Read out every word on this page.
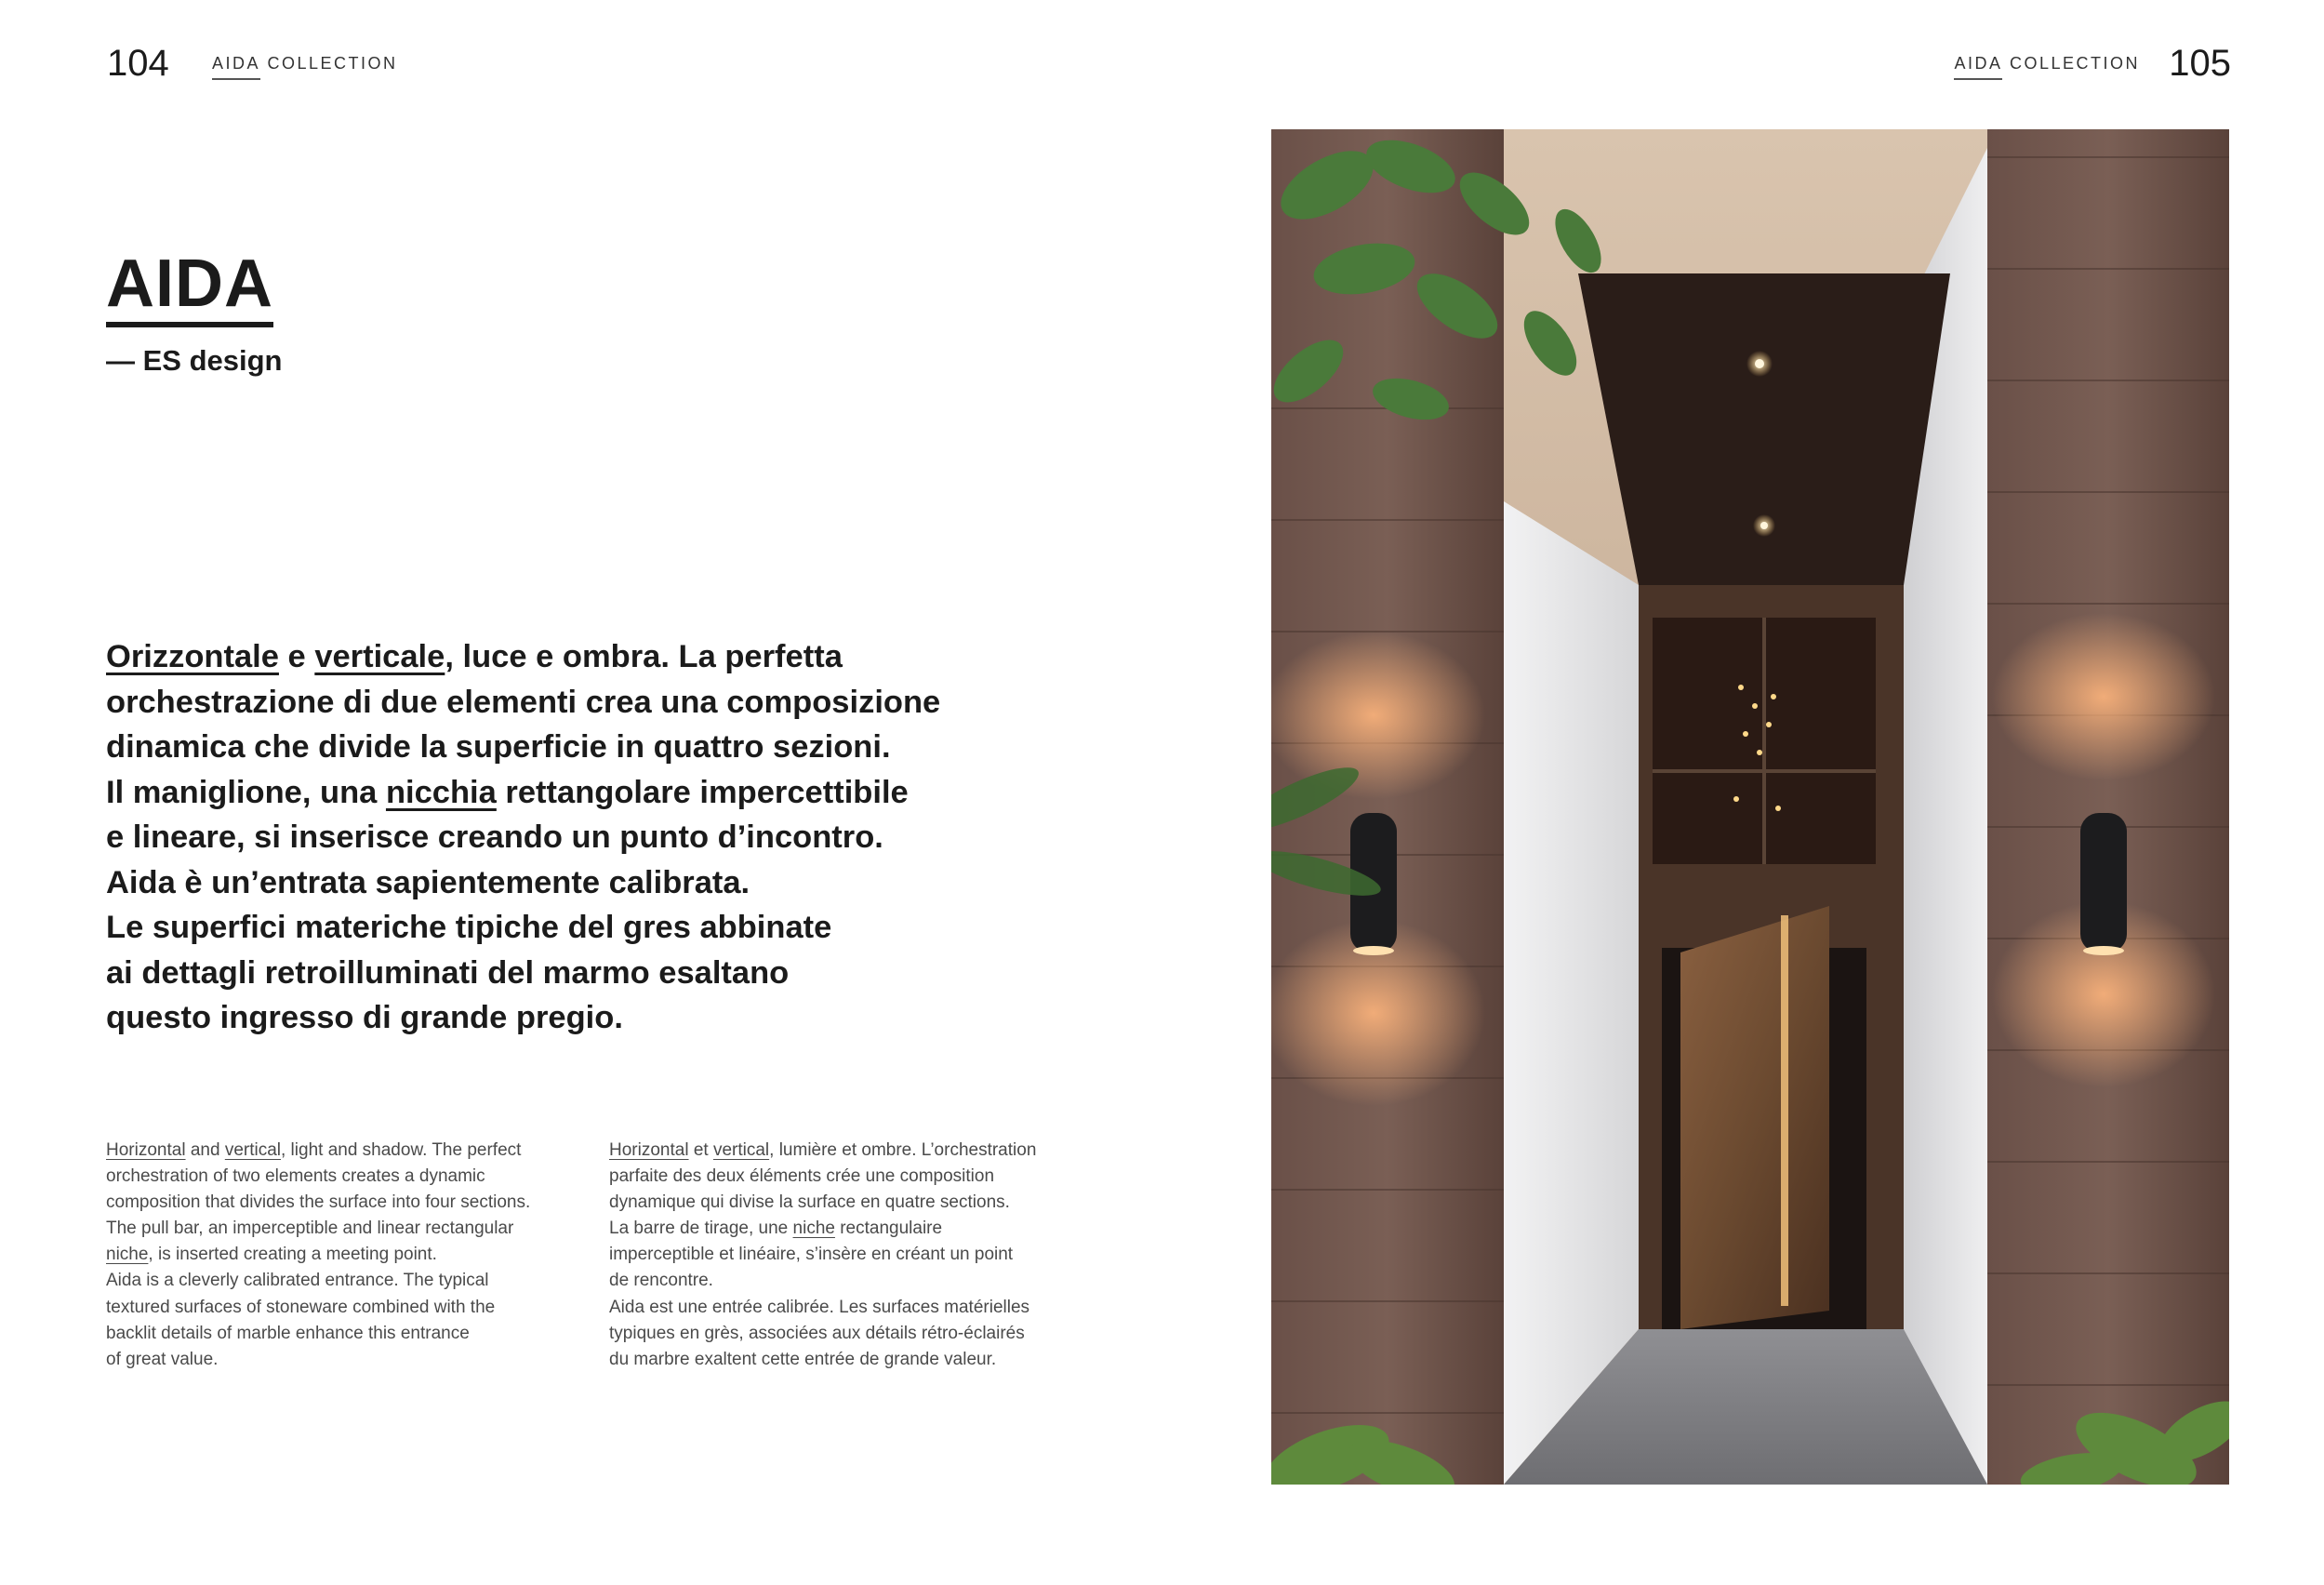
104	AIDA COLLECTION	AIDA COLLECTION 105
AIDA
— ES design
Orizzontale e verticale, luce e ombra. La perfetta
orchestrazione di due elementi crea una composizione
dinamica che divide la superficie in quattro sezioni.
Il maniglione, una nicchia rettangolare impercettibile
e lineare, si inserisce creando un punto d’incontro.
Aida è un’entrata sapientemente calibrata.
Le superfici materiche tipiche del gres abbinate
ai dettagli retroilluminati del marmo esaltano
questo ingresso di grande pregio.
Horizontal and vertical, light and shadow. The perfect
orchestration of two elements creates a dynamic
composition that divides the surface into four sections.
The pull bar, an imperceptible and linear rectangular
niche, is inserted creating a meeting point.
Aida is a cleverly calibrated entrance. The typical
textured surfaces of stoneware combined with the
backlit details of marble enhance this entrance
of great value.
Horizontal et vertical, lumière et ombre. L’orchestration
parfaite des deux éléments crée une composition
dynamique qui divise la surface en quatre sections.
La barre de tirage, une niche rectangulaire
imperceptible et linéaire, s’insère en créant un point
de rencontre.
Aida est une entrée calibrée. Les surfaces matérielles
typiques en grès, associées aux détails rétro-éclairés
du marbre exaltent cette entrée de grande valeur.
